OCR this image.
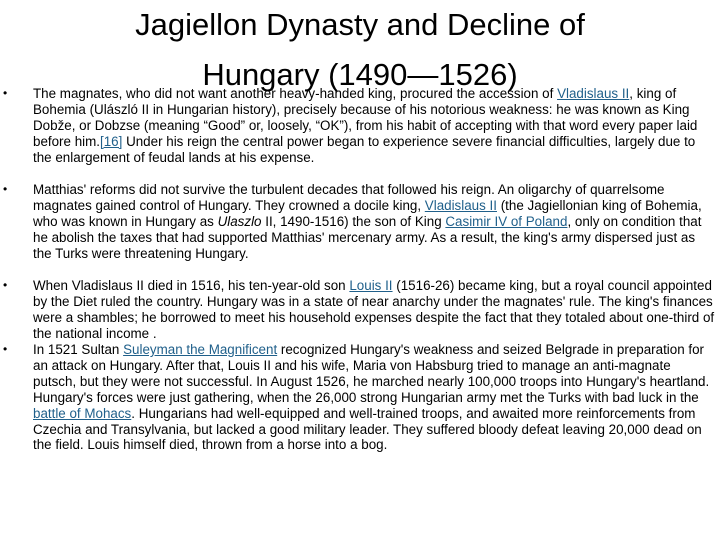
Jagiellon Dynasty and Decline of
Hungary (1490—1526)
• The magnates, who did not want another heavy-handed king, procured the accession of Vladislaus II, king of Bohemia (Ulászló II in Hungarian history), precisely because of his notorious weakness: he was known as King Dobže, or Dobzse (meaning “Good” or, loosely, “OK”), from his habit of accepting with that word every paper laid before him.[16] Under his reign the central power began to experience severe financial difficulties, largely due to the enlargement of feudal lands at his expense.
• Matthias' reforms did not survive the turbulent decades that followed his reign. An oligarchy of quarrelsome magnates gained control of Hungary. They crowned a docile king, Vladislaus II (the Jagiellonian king of Bohemia, who was known in Hungary as Ulaszlo II, 1490-1516) the son of King Casimir IV of Poland, only on condition that he abolish the taxes that had supported Matthias' mercenary army. As a result, the king's army dispersed just as the Turks were threatening Hungary.
• When Vladislaus II died in 1516, his ten-year-old son Louis II (1516-26) became king, but a royal council appointed by the Diet ruled the country. Hungary was in a state of near anarchy under the magnates' rule. The king's finances were a shambles; he borrowed to meet his household expenses despite the fact that they totaled about one-third of the national income .
• In 1521 Sultan Suleyman the Magnificent recognized Hungary's weakness and seized Belgrade in preparation for an attack on Hungary. After that, Louis II and his wife, Maria von Habsburg tried to manage an anti-magnate putsch, but they were not successful. In August 1526, he marched nearly 100,000 troops into Hungary's heartland. Hungary's forces were just gathering, when the 26,000 strong Hungarian army met the Turks with bad luck in the battle of Mohacs. Hungarians had well-equipped and well-trained troops, and awaited more reinforcements from Czechia and Transylvania, but lacked a good military leader. They suffered bloody defeat leaving 20,000 dead on the field. Louis himself died, thrown from a horse into a bog.
